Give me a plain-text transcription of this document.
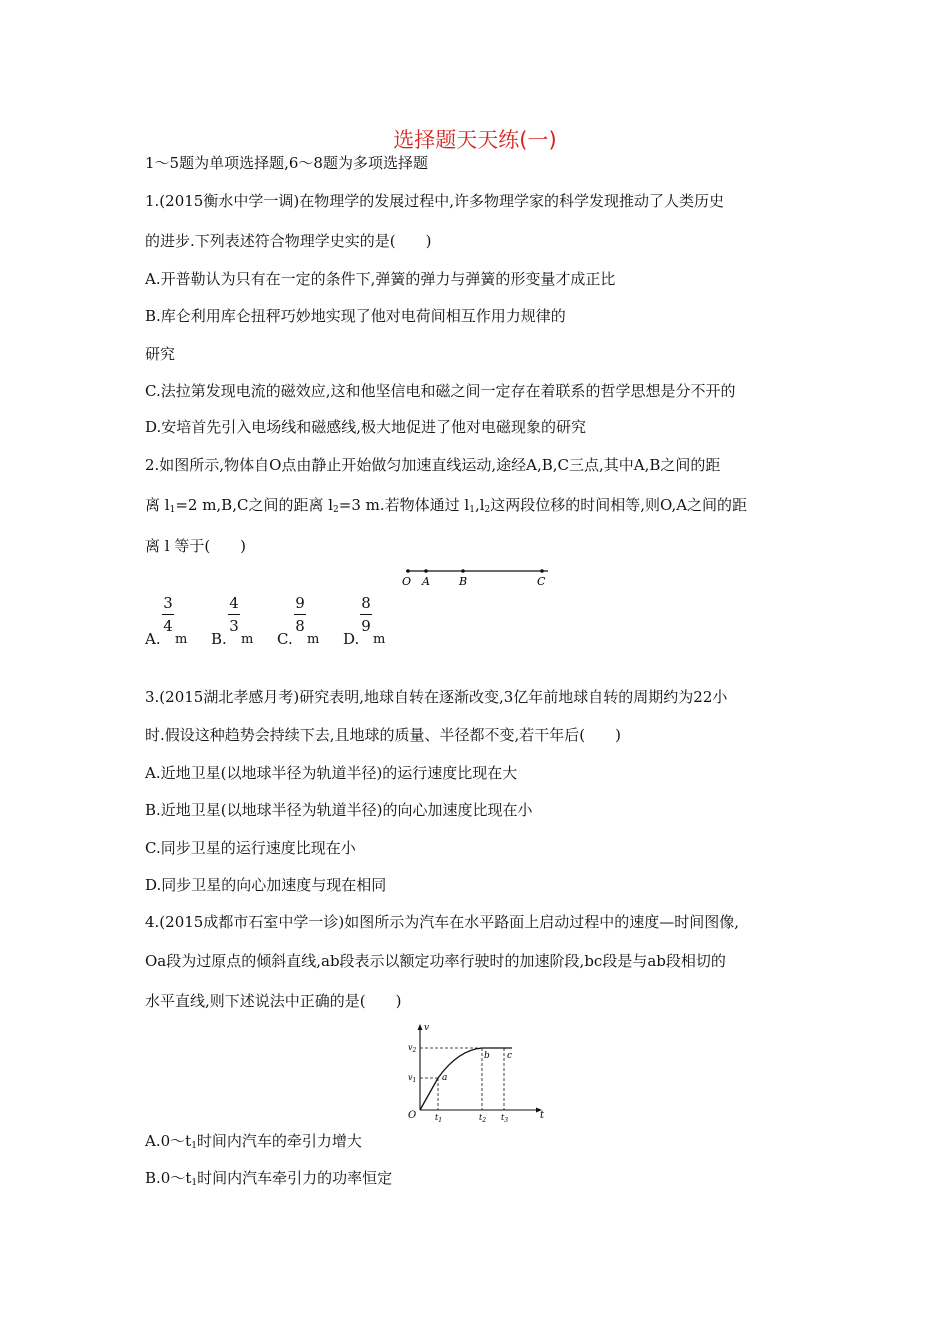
选择题天天练(一)
1～5题为单项选择题,6～8题为多项选择题
1.(2015衡水中学一调)在物理学的发展过程中,许多物理学家的科学发现推动了人类历史
的进步.下列表述符合物理学史实的是(　　)
A.开普勒认为只有在一定的条件下,弹簧的弹力与弹簧的形变量才成正比
B.库仑利用库仑扭秤巧妙地实现了他对电荷间相互作用力规律的
研究
C.法拉第发现电流的磁效应,这和他坚信电和磁之间一定存在着联系的哲学思想是分不开的
D.安培首先引入电场线和磁感线,极大地促进了他对电磁现象的研究
2.如图所示,物体自O点由静止开始做匀加速直线运动,途经A,B,C三点,其中A,B之间的距
离 $l_1=2$ m,B,C之间的距离 $l_2=3$ m.若物体通过 $l_1,l_2$这两段位移的时间相等,则O,A之间的距
离 l 等于(　　)
O A	B	C
A.
3
4
m B.
4
3
m C.
9
8
m D.
8
9
m
3.(2015湖北孝感月考)研究表明,地球自转在逐渐改变,3亿年前地球自转的周期约为22小
时.假设这种趋势会持续下去,且地球的质量、半径都不变,若干年后(　　)
A.近地卫星(以地球半径为轨道半径)的运行速度比现在大
B.近地卫星(以地球半径为轨道半径)的向心加速度比现在小
C.同步卫星的运行速度比现在小
D.同步卫星的向心加速度与现在相同
4.(2015成都市石室中学一诊)如图所示为汽车在水平路面上启动过程中的速度—时间图像,
Oa段为过原点的倾斜直线,ab段表示以额定功率行驶时的加速阶段,bc段是与ab段相切的
水平直线,则下述说法中正确的是(　　)
v
t
O
$v_1$
$v_2$
$t_1$	$t_2$ $t_3$
a
b c
$A.0\sim t_1$时间内汽车的牵引力增大
$B.0\sim t_1$时间内汽车牵引力的功率恒定
